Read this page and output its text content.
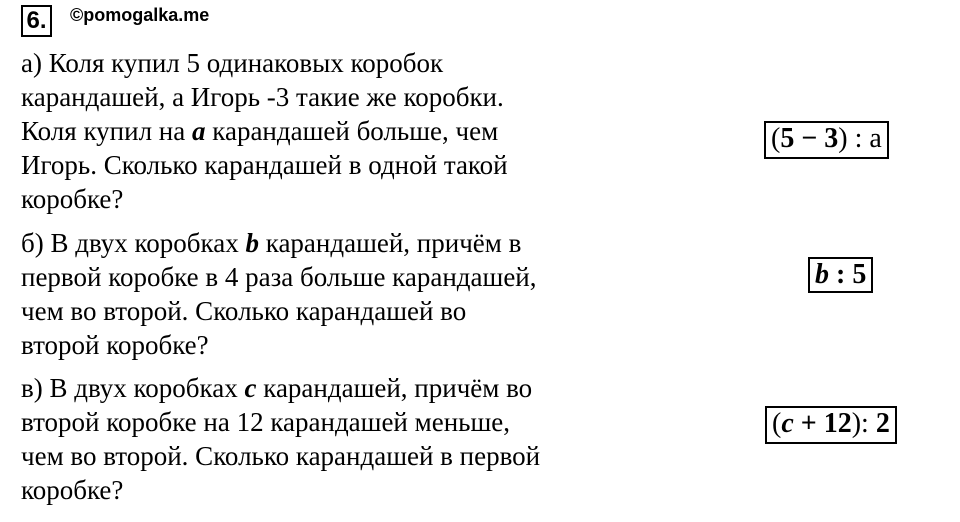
6.	©pomogalka.me
а) Коля купил 5 одинаковых коробок
карандашей, а Игорь -3 такие же коробки.
Коля купил на a карандашей больше, чем
Игорь. Сколько карандашей в одной такой
коробке?
(5 − 3) : а
б) В двух коробках b карандашей, причём в
первой коробке в 4 раза больше карандашей,
чем во второй. Сколько карандашей во
второй коробке?
b : 5
в) В двух коробках c карандашей, причём во
второй коробке на 12 карандашей меньше,
чем во второй. Сколько карандашей в первой
коробке?
(c + 12): 2
